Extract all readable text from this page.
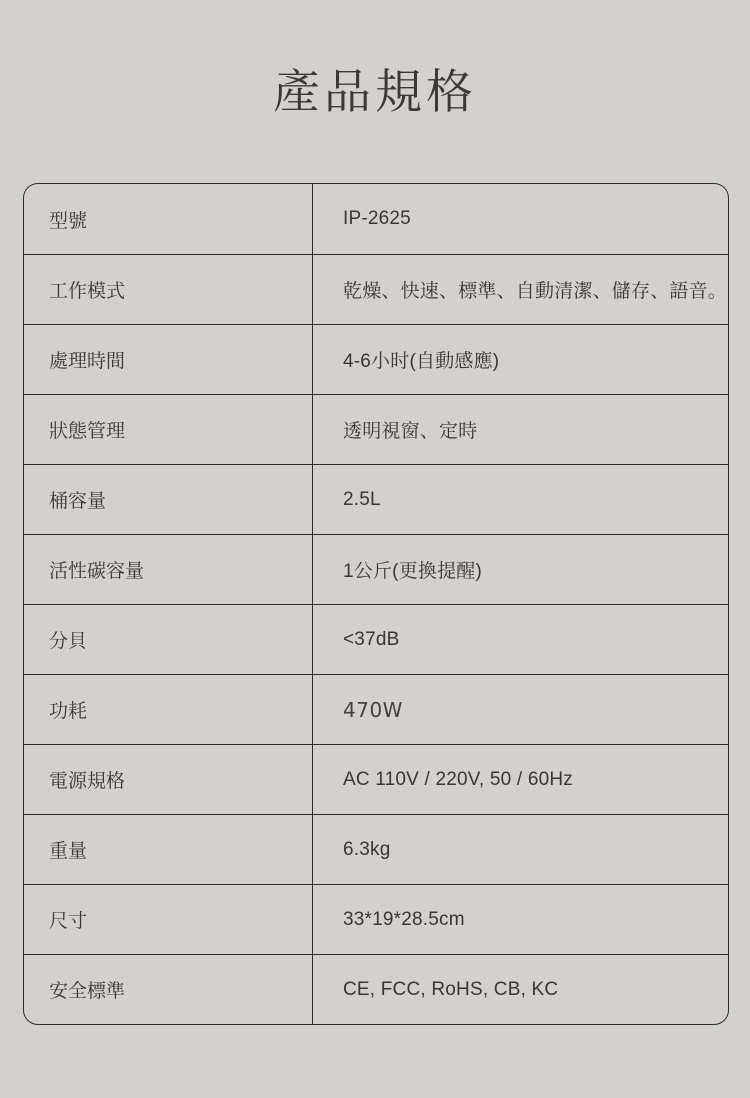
產品規格
型號	IP-2625
工作模式	乾燥、快速、標準、自動清潔、儲存、語音。
處理時間	4-6小时(自動感應)
狀態管理	透明視窗、定時
桶容量	2.5L
活性碳容量	1公斤(更換提醒)
分貝	<37dB
功耗	470W
電源規格	AC 110V / 220V, 50 / 60Hz
重量	6.3kg
尺寸	33*19*28.5cm
安全標準	CE, FCC, RoHS, CB, KC
